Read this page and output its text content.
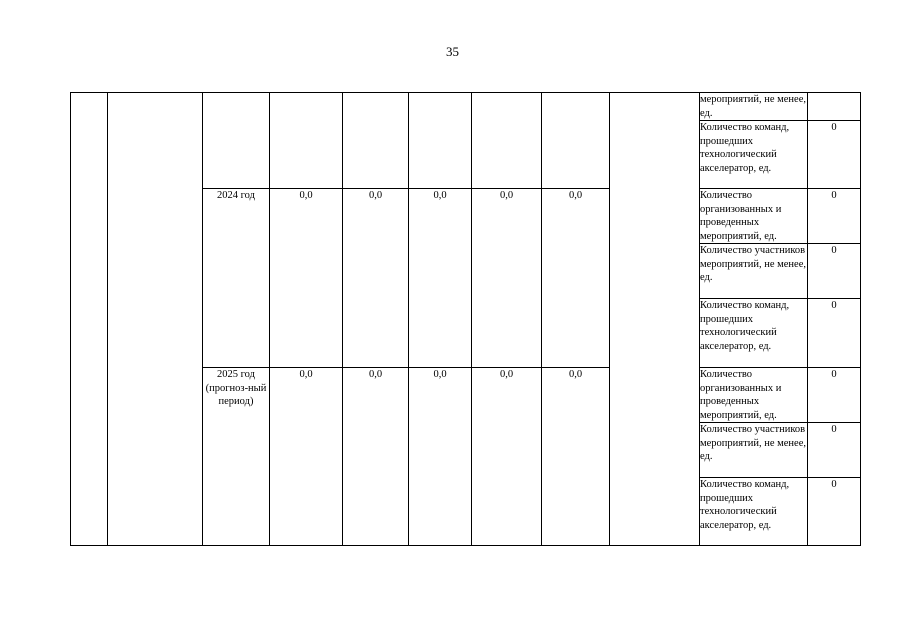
35
									мероприятий, не менее, ед.	
									Количество команд, прошедших технологический акселератор, ед.	0
		2024 год	0,0	0,0	0,0	0,0	0,0		Количество организованных и проведенных мероприятий, ед.	0
									Количество участников мероприятий, не менее, ед.	0
									Количество команд, прошедших технологический акселератор, ед.	0
		2025 год (прогноз-ный период)	0,0	0,0	0,0	0,0	0,0		Количество организованных и проведенных мероприятий, ед.	0
									Количество участников мероприятий, не менее, ед.	0
									Количество команд, прошедших технологический акселератор, ед.	0
